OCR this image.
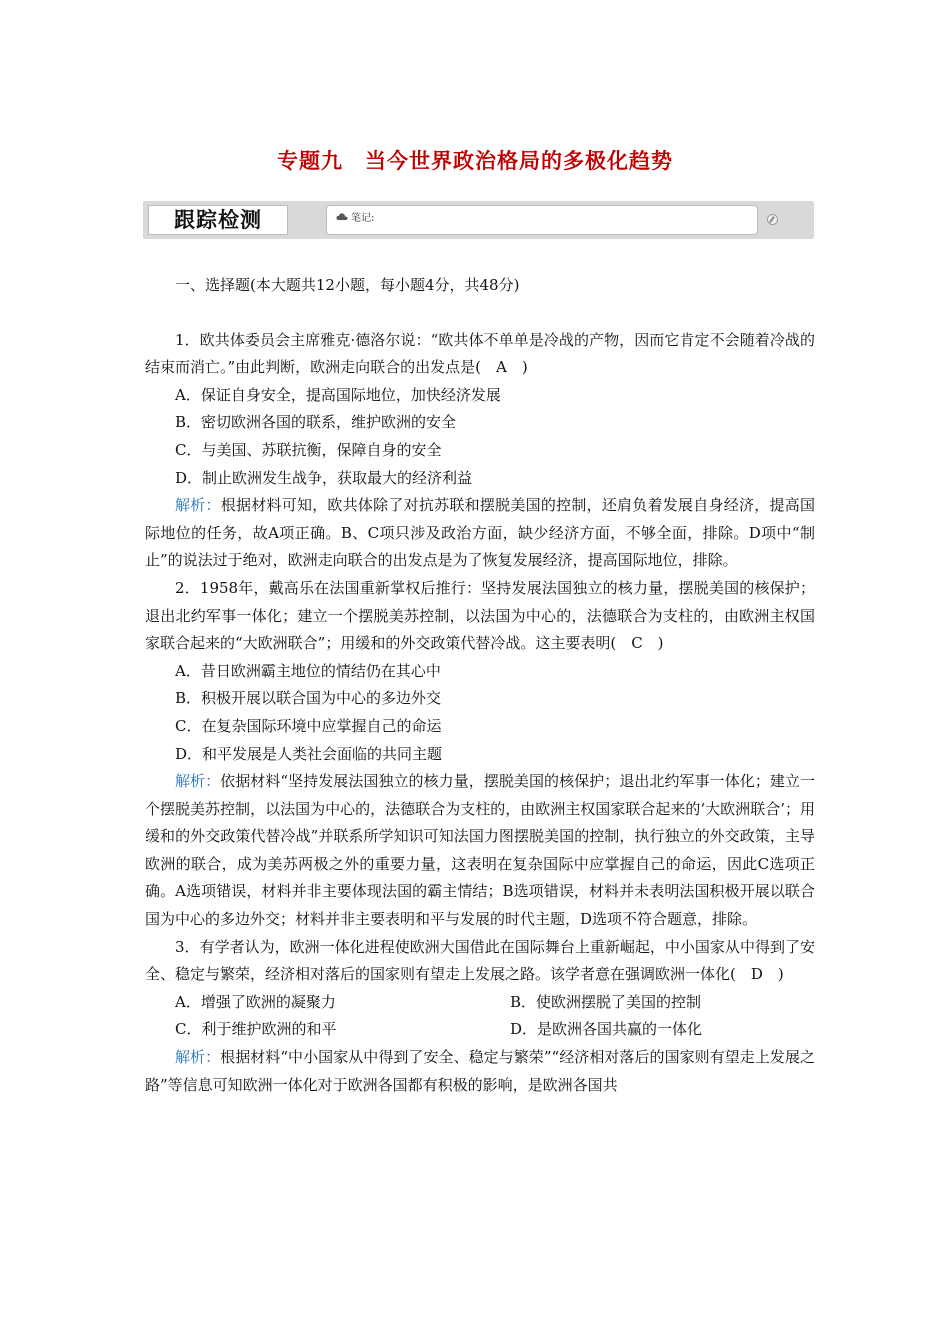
专题九　当今世界政治格局的多极化趋势
跟踪检测	笔记:

一、选择题(本大题共12小题，每小题4分，共48分)

1．欧共体委员会主席雅克·德洛尔说：“欧共体不单单是冷战的产物，因而它肯定不会随着冷战的结束而消亡。”由此判断，欧洲走向联合的出发点是(　A　)

A．保证自身安全，提高国际地位，加快经济发展

B．密切欧洲各国的联系，维护欧洲的安全

C．与美国、苏联抗衡，保障自身的安全

D．制止欧洲发生战争，获取最大的经济利益

解析：根据材料可知，欧共体除了对抗苏联和摆脱美国的控制，还肩负着发展自身经济，提高国际地位的任务，故A项正确。B、C项只涉及政治方面，缺少经济方面，不够全面，排除。D项中“制止”的说法过于绝对，欧洲走向联合的出发点是为了恢复发展经济，提高国际地位，排除。

2．1958年，戴高乐在法国重新掌权后推行：坚持发展法国独立的核力量，摆脱美国的核保护；退出北约军事一体化；建立一个摆脱美苏控制，以法国为中心的，法德联合为支柱的，由欧洲主权国家联合起来的“大欧洲联合”；用缓和的外交政策代替冷战。这主要表明(　C　)

A．昔日欧洲霸主地位的情结仍在其心中

B．积极开展以联合国为中心的多边外交

C．在复杂国际环境中应掌握自己的命运

D．和平发展是人类社会面临的共同主题

解析：依据材料“坚持发展法国独立的核力量，摆脱美国的核保护；退出北约军事一体化；建立一个摆脱美苏控制，以法国为中心的，法德联合为支柱的，由欧洲主权国家联合起来的‘大欧洲联合’；用缓和的外交政策代替冷战”并联系所学知识可知法国力图摆脱美国的控制，执行独立的外交政策，主导欧洲的联合，成为美苏两极之外的重要力量，这表明在复杂国际中应掌握自己的命运，因此C选项正确。A选项错误，材料并非主要体现法国的霸主情结；B选项错误，材料并未表明法国积极开展以联合国为中心的多边外交；材料并非主要表明和平与发展的时代主题，D选项不符合题意，排除。

3．有学者认为，欧洲一体化进程使欧洲大国借此在国际舞台上重新崛起，中小国家从中得到了安全、稳定与繁荣，经济相对落后的国家则有望走上发展之路。该学者意在强调欧洲一体化(　D　)

A．增强了欧洲的凝聚力	B．使欧洲摆脱了美国的控制
C．利于维护欧洲的和平	D．是欧洲各国共赢的一体化

解析：根据材料“中小国家从中得到了安全、稳定与繁荣”“经济相对落后的国家则有望走上发展之路”等信息可知欧洲一体化对于欧洲各国都有积极的影响，是欧洲各国共
